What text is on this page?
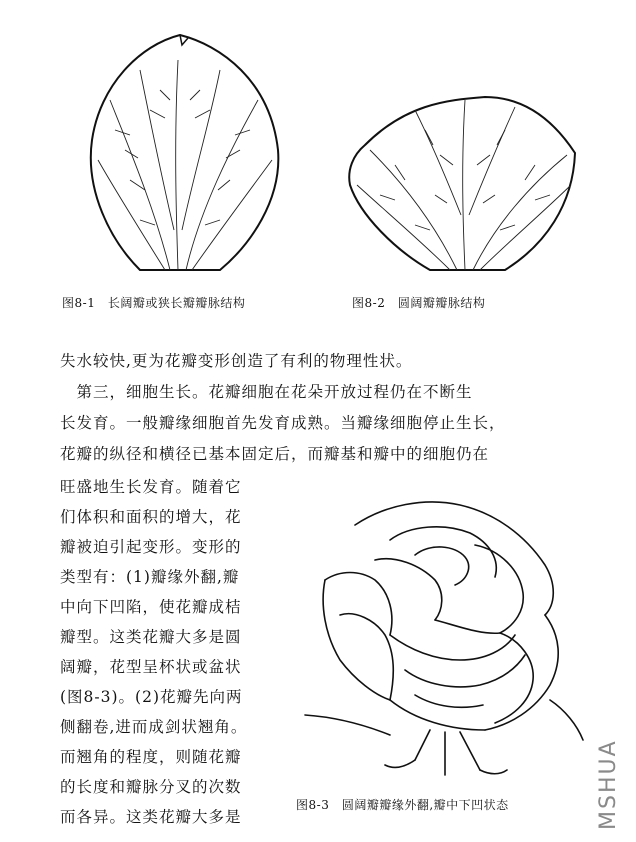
图8-1　长阔瓣或狭长瓣瓣脉结构	图8-2　圆阔瓣瓣脉结构
失水较快,更为花瓣变形创造了有利的物理性状。
　第三，细胞生长。花瓣细胞在花朵开放过程仍在不断生
长发育。一般瓣缘细胞首先发育成熟。当瓣缘细胞停止生长，
花瓣的纵径和横径已基本固定后，而瓣基和瓣中的细胞仍在
旺盛地生长发育。随着它
们体积和面积的增大，花
瓣被迫引起变形。变形的
类型有：(1)瓣缘外翻,瓣
中向下凹陷，使花瓣成桔
瓣型。这类花瓣大多是圆
阔瓣，花型呈杯状或盆状
(图8-3)。(2)花瓣先向两
侧翻卷,进而成剑状翘角。
而翘角的程度，则随花瓣
的长度和瓣脉分叉的次数
而各异。这类花瓣大多是
图8-3　圆阔瓣瓣缘外翻,瓣中下凹状态	MSHUA
